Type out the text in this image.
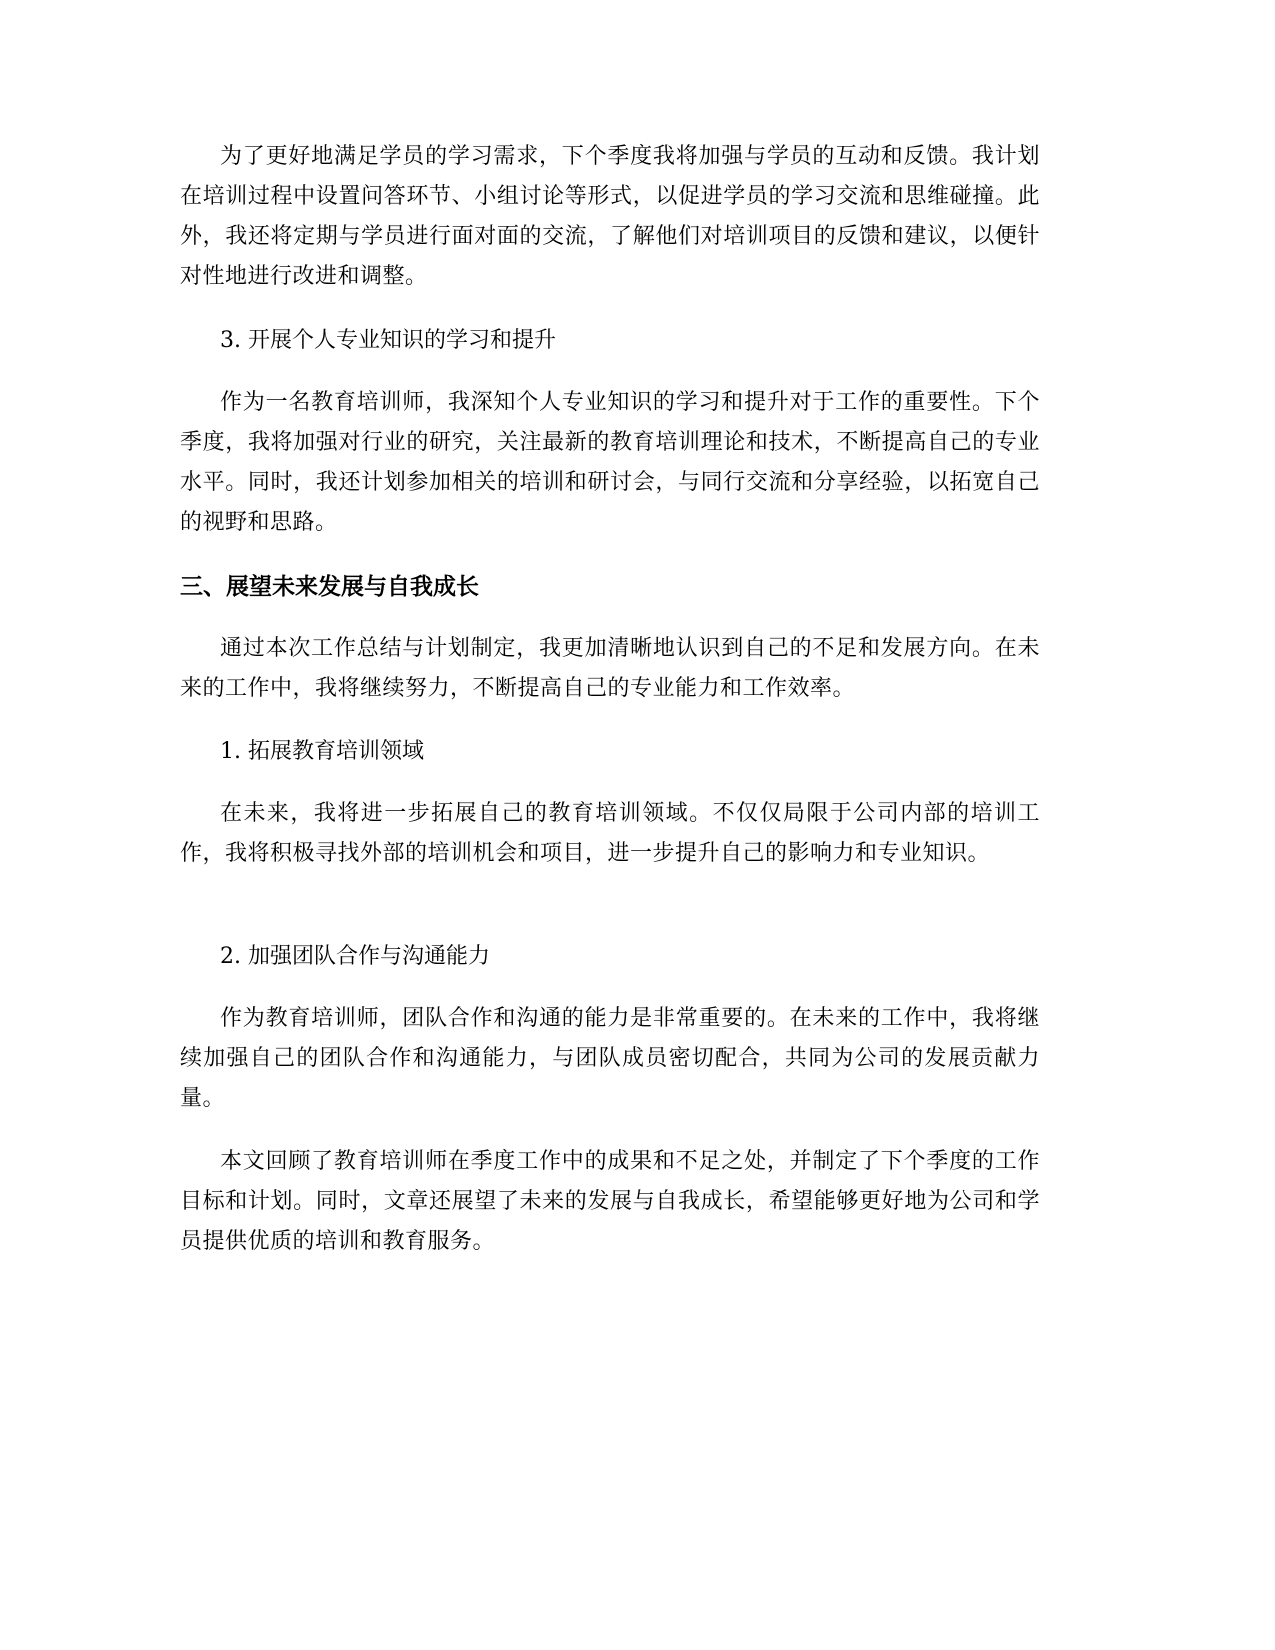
为了更好地满足学员的学习需求，下个季度我将加强与学员的互动和反馈。我计划在培训过程中设置问答环节、小组讨论等形式，以促进学员的学习交流和思维碰撞。此外，我还将定期与学员进行面对面的交流，了解他们对培训项目的反馈和建议，以便针对性地进行改进和调整。

3. 开展个人专业知识的学习和提升

作为一名教育培训师，我深知个人专业知识的学习和提升对于工作的重要性。下个季度，我将加强对行业的研究，关注最新的教育培训理论和技术，不断提高自己的专业水平。同时，我还计划参加相关的培训和研讨会，与同行交流和分享经验，以拓宽自己的视野和思路。

三、展望未来发展与自我成长

通过本次工作总结与计划制定，我更加清晰地认识到自己的不足和发展方向。在未来的工作中，我将继续努力，不断提高自己的专业能力和工作效率。

1. 拓展教育培训领域

在未来，我将进一步拓展自己的教育培训领域。不仅仅局限于公司内部的培训工作，我将积极寻找外部的培训机会和项目，进一步提升自己的影响力和专业知识。

2. 加强团队合作与沟通能力

作为教育培训师，团队合作和沟通的能力是非常重要的。在未来的工作中，我将继续加强自己的团队合作和沟通能力，与团队成员密切配合，共同为公司的发展贡献力量。

本文回顾了教育培训师在季度工作中的成果和不足之处，并制定了下个季度的工作目标和计划。同时，文章还展望了未来的发展与自我成长，希望能够更好地为公司和学员提供优质的培训和教育服务。
